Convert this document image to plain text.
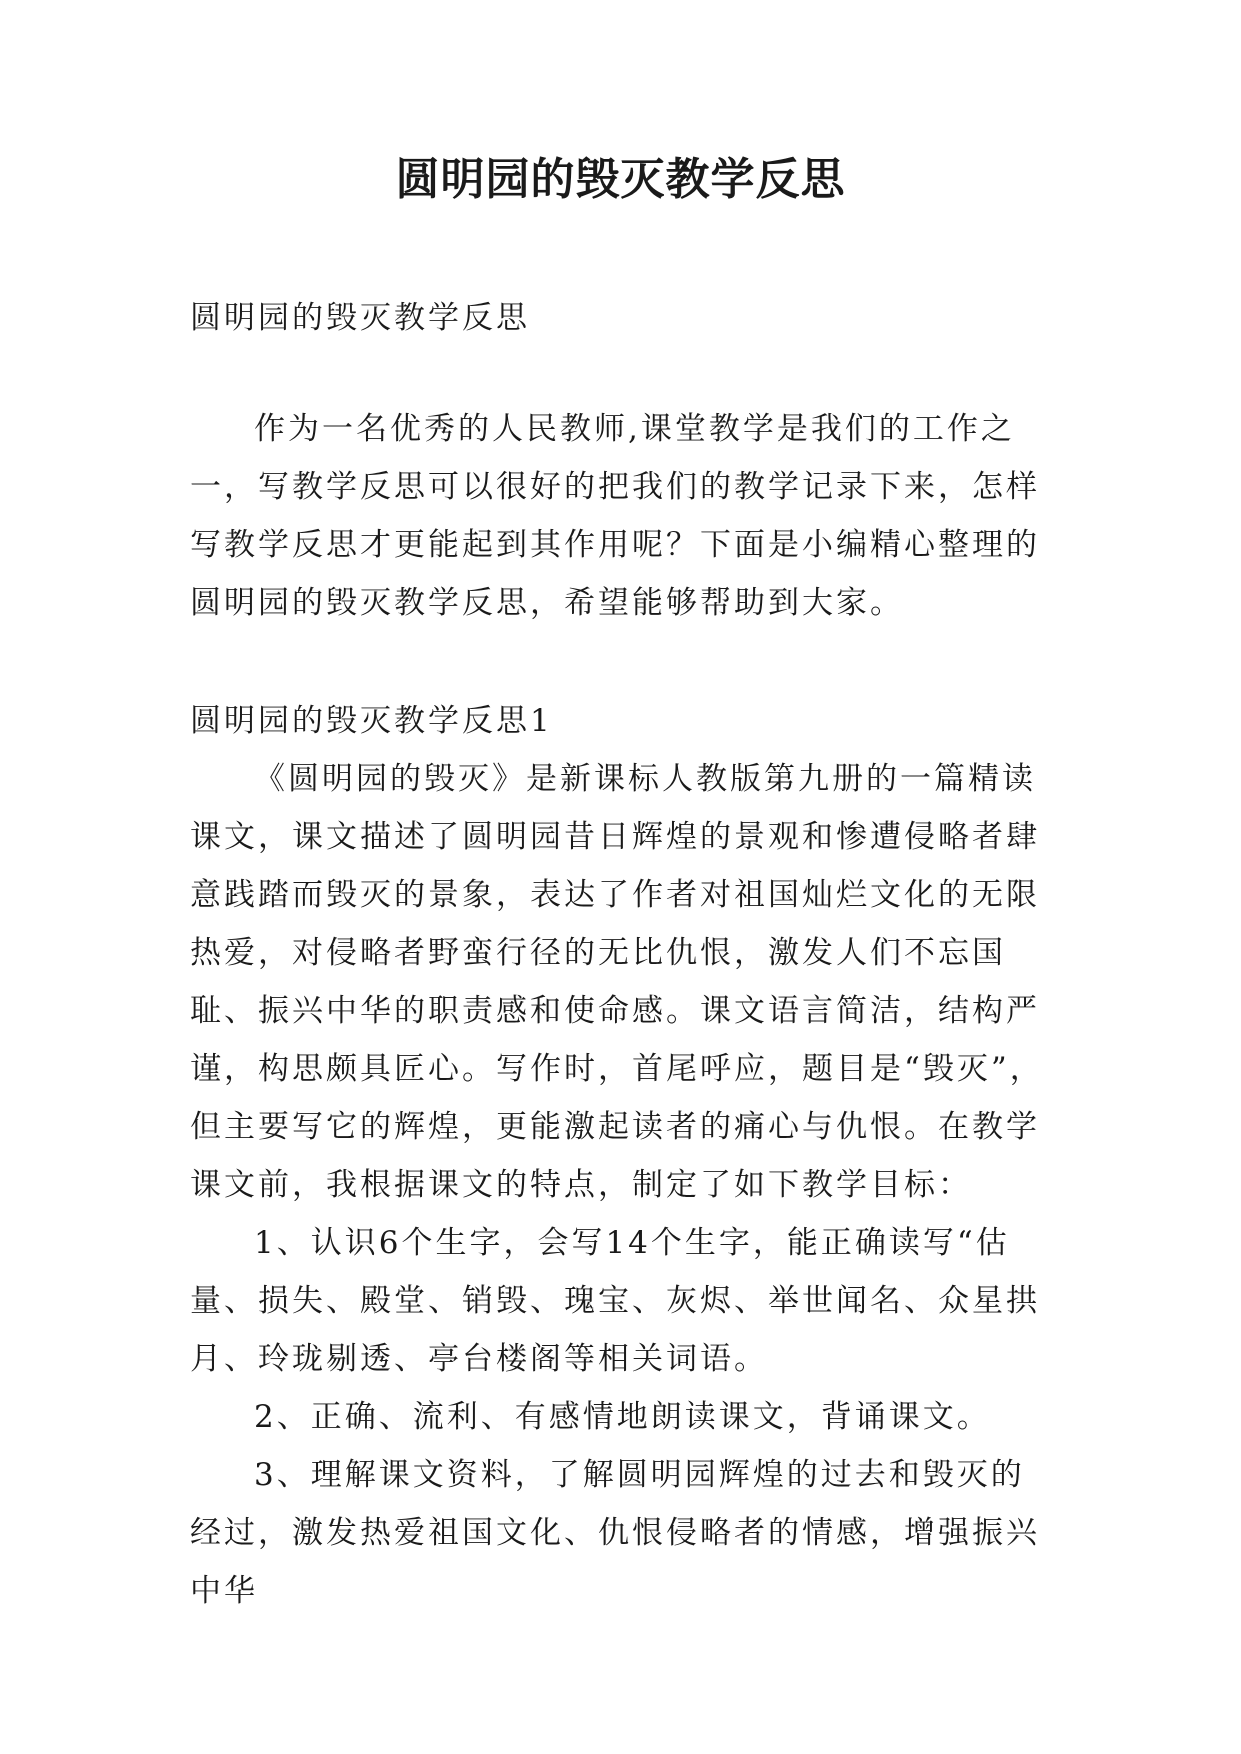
圆明园的毁灭教学反思

圆明园的毁灭教学反思

作为一名优秀的人民教师,课堂教学是我们的工作之一，写教学反思可以很好的把我们的教学记录下来，怎样写教学反思才更能起到其作用呢？下面是小编精心整理的圆明园的毁灭教学反思，希望能够帮助到大家。

圆明园的毁灭教学反思1

《圆明园的毁灭》是新课标人教版第九册的一篇精读课文，课文描述了圆明园昔日辉煌的景观和惨遭侵略者肆意践踏而毁灭的景象，表达了作者对祖国灿烂文化的无限热爱，对侵略者野蛮行径的无比仇恨，激发人们不忘国耻、振兴中华的职责感和使命感。课文语言简洁，结构严谨，构思颇具匠心。写作时，首尾呼应，题目是“毁灭”，但主要写它的辉煌，更能激起读者的痛心与仇恨。在教学课文前，我根据课文的特点，制定了如下教学目标：

1、认识6个生字，会写14个生字，能正确读写“估量、损失、殿堂、销毁、瑰宝、灰烬、举世闻名、众星拱月、玲珑剔透、亭台楼阁等相关词语。

2、正确、流利、有感情地朗读课文，背诵课文。

3、理解课文资料，了解圆明园辉煌的过去和毁灭的经过，激发热爱祖国文化、仇恨侵略者的情感，增强振兴中华
